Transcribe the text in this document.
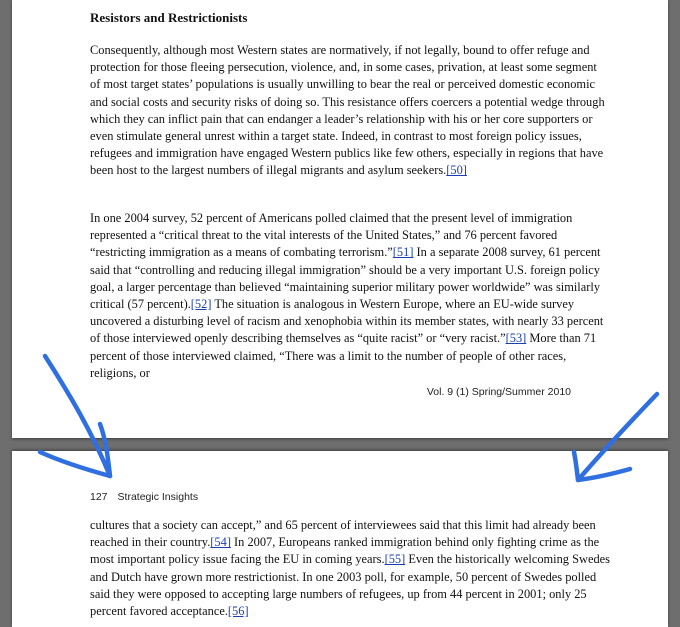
Resistors and Restrictionists

Consequently, although most Western states are normatively, if not legally, bound to offer refuge and protection for those fleeing persecution, violence, and, in some cases, privation, at least some segment of most target states’ populations is usually unwilling to bear the real or perceived domestic economic and social costs and security risks of doing so. This resistance offers coercers a potential wedge through which they can inflict pain that can endanger a leader’s relationship with his or her core supporters or even stimulate general unrest within a target state. Indeed, in contrast to most foreign policy issues, refugees and immigration have engaged Western publics like few others, especially in regions that have been host to the largest numbers of illegal migrants and asylum seekers.[50]

In one 2004 survey, 52 percent of Americans polled claimed that the present level of immigration represented a “critical threat to the vital interests of the United States,” and 76 percent favored “restricting immigration as a means of combating terrorism.”[51] In a separate 2008 survey, 61 percent said that “controlling and reducing illegal immigration” should be a very important U.S. foreign policy goal, a larger percentage than believed “maintaining superior military power worldwide” was similarly critical (57 percent).[52] The situation is analogous in Western Europe, where an EU-wide survey uncovered a disturbing level of racism and xenophobia within its member states, with nearly 33 percent of those interviewed openly describing themselves as “quite racist” or “very racist.”[53] More than 71 percent of those interviewed claimed, “There was a limit to the number of people of other races, religions, or

Vol. 9 (1) Spring/Summer 2010
127 Strategic Insights

cultures that a society can accept,” and 65 percent of interviewees said that this limit had already been reached in their country.[54] In 2007, Europeans ranked immigration behind only fighting crime as the most important policy issue facing the EU in coming years.[55] Even the historically welcoming Swedes and Dutch have grown more restrictionist. In one 2003 poll, for example, 50 percent of Swedes polled said they were opposed to accepting large numbers of refugees, up from 44 percent in 2001; only 25 percent favored acceptance.[56]
